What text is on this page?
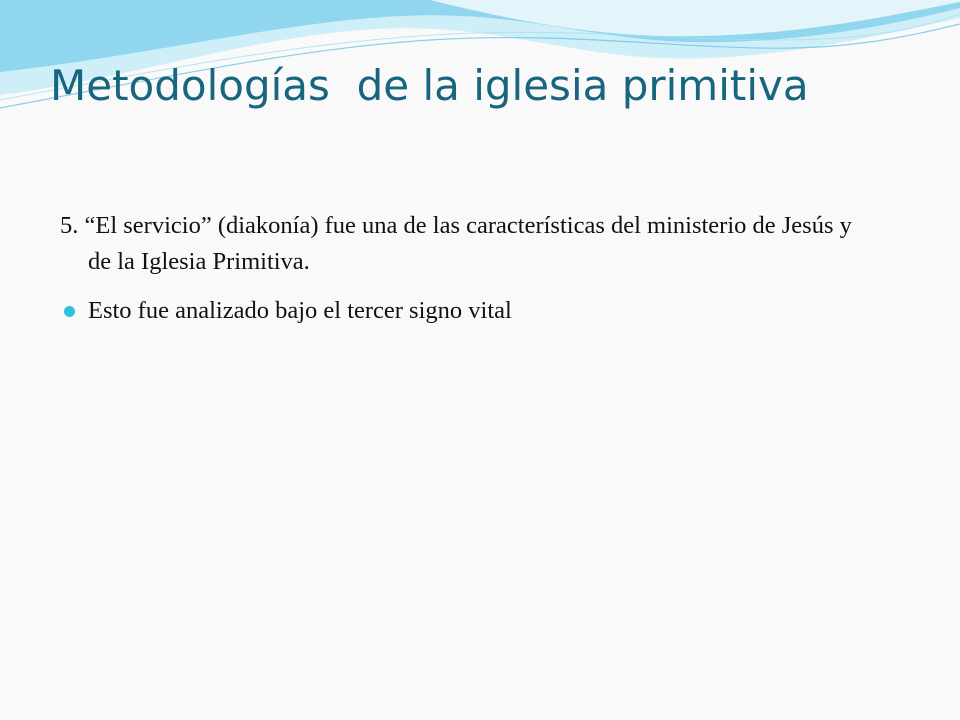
Metodologías  de la iglesia primitiva

5. “El servicio” (diakonía) fue una de las características del ministerio de Jesús y de la Iglesia Primitiva.

Esto fue analizado bajo el tercer signo vital
